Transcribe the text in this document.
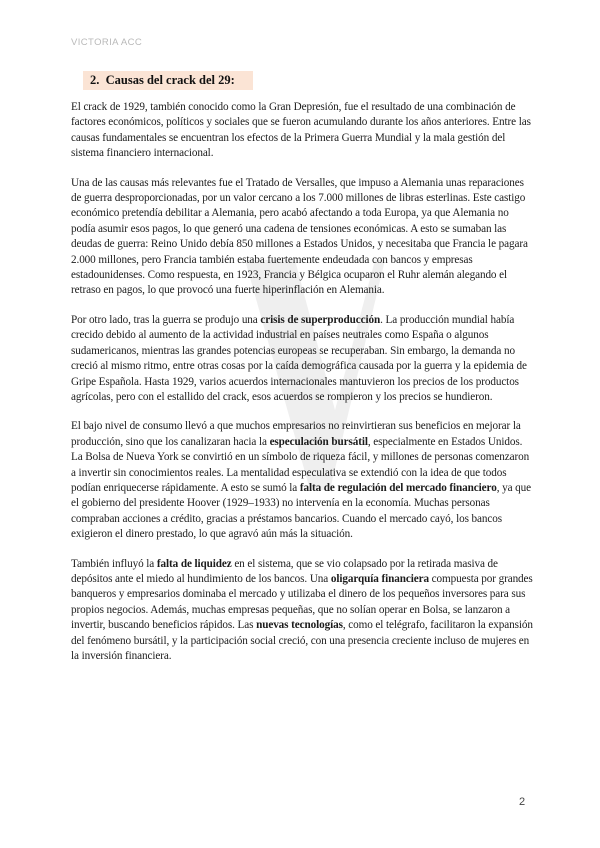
VICTORIA ACC
2. Causas del crack del 29:

El crack de 1929, también conocido como la Gran Depresión, fue el resultado de una combinación de factores económicos, políticos y sociales que se fueron acumulando durante los años anteriores. Entre las causas fundamentales se encuentran los efectos de la Primera Guerra Mundial y la mala gestión del sistema financiero internacional.

Una de las causas más relevantes fue el Tratado de Versalles, que impuso a Alemania unas reparaciones de guerra desproporcionadas, por un valor cercano a los 7.000 millones de libras esterlinas. Este castigo económico pretendía debilitar a Alemania, pero acabó afectando a toda Europa, ya que Alemania no podía asumir esos pagos, lo que generó una cadena de tensiones económicas. A esto se sumaban las deudas de guerra: Reino Unido debía 850 millones a Estados Unidos, y necesitaba que Francia le pagara 2.000 millones, pero Francia también estaba fuertemente endeudada con bancos y empresas estadounidenses. Como respuesta, en 1923, Francia y Bélgica ocuparon el Ruhr alemán alegando el retraso en pagos, lo que provocó una fuerte hiperinflación en Alemania.

Por otro lado, tras la guerra se produjo una crisis de superproducción. La producción mundial había crecido debido al aumento de la actividad industrial en países neutrales como España o algunos sudamericanos, mientras las grandes potencias europeas se recuperaban. Sin embargo, la demanda no creció al mismo ritmo, entre otras cosas por la caída demográfica causada por la guerra y la epidemia de Gripe Española. Hasta 1929, varios acuerdos internacionales mantuvieron los precios de los productos agrícolas, pero con el estallido del crack, esos acuerdos se rompieron y los precios se hundieron.

El bajo nivel de consumo llevó a que muchos empresarios no reinvirtieran sus beneficios en mejorar la producción, sino que los canalizaran hacia la especulación bursátil, especialmente en Estados Unidos. La Bolsa de Nueva York se convirtió en un símbolo de riqueza fácil, y millones de personas comenzaron a invertir sin conocimientos reales. La mentalidad especulativa se extendió con la idea de que todos podían enriquecerse rápidamente. A esto se sumó la falta de regulación del mercado financiero, ya que el gobierno del presidente Hoover (1929–1933) no intervenía en la economía. Muchas personas compraban acciones a crédito, gracias a préstamos bancarios. Cuando el mercado cayó, los bancos exigieron el dinero prestado, lo que agravó aún más la situación.

También influyó la falta de liquidez en el sistema, que se vio colapsado por la retirada masiva de depósitos ante el miedo al hundimiento de los bancos. Una oligarquía financiera compuesta por grandes banqueros y empresarios dominaba el mercado y utilizaba el dinero de los pequeños inversores para sus propios negocios. Además, muchas empresas pequeñas, que no solían operar en Bolsa, se lanzaron a invertir, buscando beneficios rápidos. Las nuevas tecnologías, como el telégrafo, facilitaron la expansión del fenómeno bursátil, y la participación social creció, con una presencia creciente incluso de mujeres en la inversión financiera.

2
